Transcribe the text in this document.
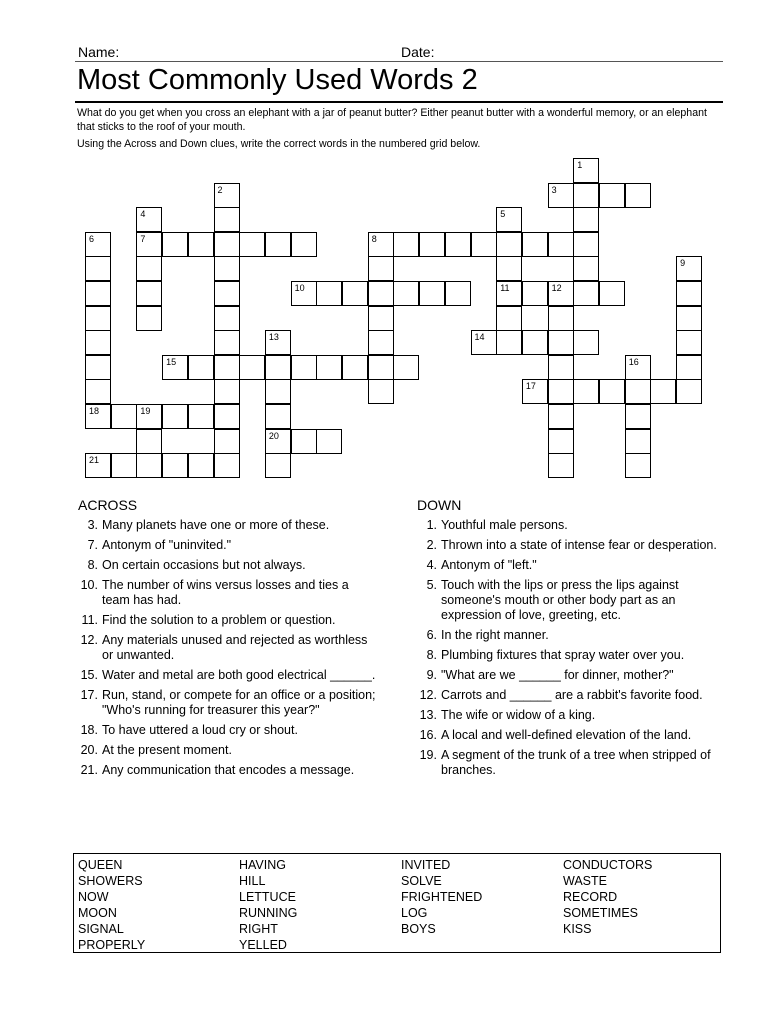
Name:	Date:
Most Commonly Used Words 2
What do you get when you cross an elephant with a jar of peanut butter? Either peanut butter with a wonderful memory, or an elephant that sticks to the roof of your mouth.
Using the Across and Down clues, write the correct words in the numbered grid below.
1
2	3
4
7
5
11
6
18
8
9
10	12
13
20
14
15	16
17
19
21
ACROSS
3. Many planets have one or more of these.
7. Antonym of "uninvited."
8. On certain occasions but not always.
10. The number of wins versus losses and ties a team has had.
11. Find the solution to a problem or question.
12. Any materials unused and rejected as worthless or unwanted.
15. Water and metal are both good electrical ______.
17. Run, stand, or compete for an office or a position; "Who's running for treasurer this year?"
18. To have uttered a loud cry or shout.
20. At the present moment.
21. Any communication that encodes a message.
DOWN
1. Youthful male persons.
2. Thrown into a state of intense fear or desperation.
4. Antonym of "left."
5. Touch with the lips or press the lips against someone's mouth or other body part as an expression of love, greeting, etc.
6. In the right manner.
8. Plumbing fixtures that spray water over you.
9. "What are we ______ for dinner, mother?"
12. Carrots and ______ are a rabbit's favorite food.
13. The wife or widow of a king.
16. A local and well-defined elevation of the land.
19. A segment of the trunk of a tree when stripped of branches.
QUEEN
SHOWERS
NOW
MOON
SIGNAL
PROPERLY
HAVING
HILL
LETTUCE
RUNNING
RIGHT
YELLED
INVITED
SOLVE
FRIGHTENED
LOG
BOYS
CONDUCTORS
WASTE
RECORD
SOMETIMES
KISS
